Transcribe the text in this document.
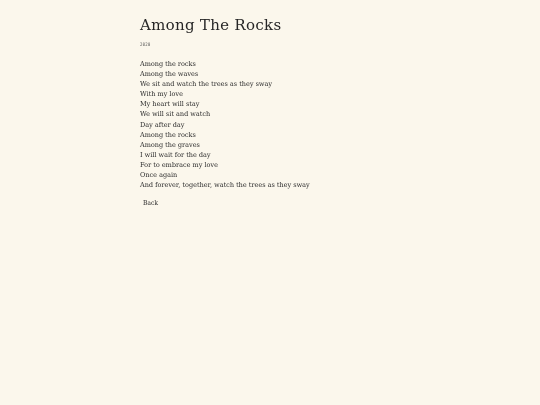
Among The Rocks
2020
Among the rocks
Among the waves
We sit and watch the trees as they sway
With my love
My heart will stay
We will sit and watch
Day after day
Among the rocks
Among the graves
I will wait for the day
For to embrace my love
Once again
And forever, together, watch the trees as they sway
Back
